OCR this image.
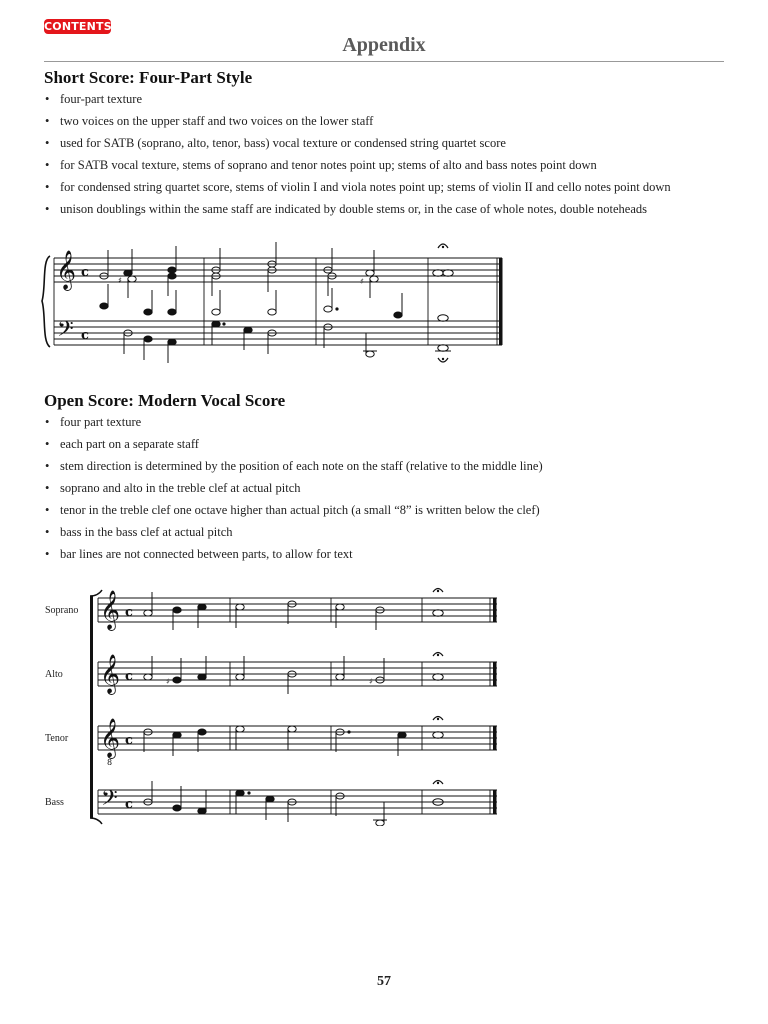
CONTENTS
Appendix
Short Score: Four-Part Style
• four-part texture
• two voices on the upper staff and two voices on the lower staff
• used for SATB (soprano, alto, tenor, bass) vocal texture or condensed string quartet score
• for SATB vocal texture, stems of soprano and tenor notes point up; stems of alto and bass notes point down
• for condensed string quartet score, stems of violin I and viola notes point up; stems of violin II and cello notes point down
• unison doublings within the same staff are indicated by double stems or, in the case of whole notes, double noteheads
𝄞
𝄢
c
c
♯	♯
Open Score: Modern Vocal Score
• four part texture
• each part on a separate staff
• stem direction is determined by the position of each note on the staff (relative to the middle line)
• soprano and alto in the treble clef at actual pitch
• tenor in the treble clef one octave higher than actual pitch (a small “8” is written below the clef)
• bass in the bass clef at actual pitch
• bar lines are not connected between parts, to allow for text
Soprano
Alto
Tenor
Bass
𝄞
𝄞
𝄞
8
𝄢
c
c
c
c
♯	♯
57
